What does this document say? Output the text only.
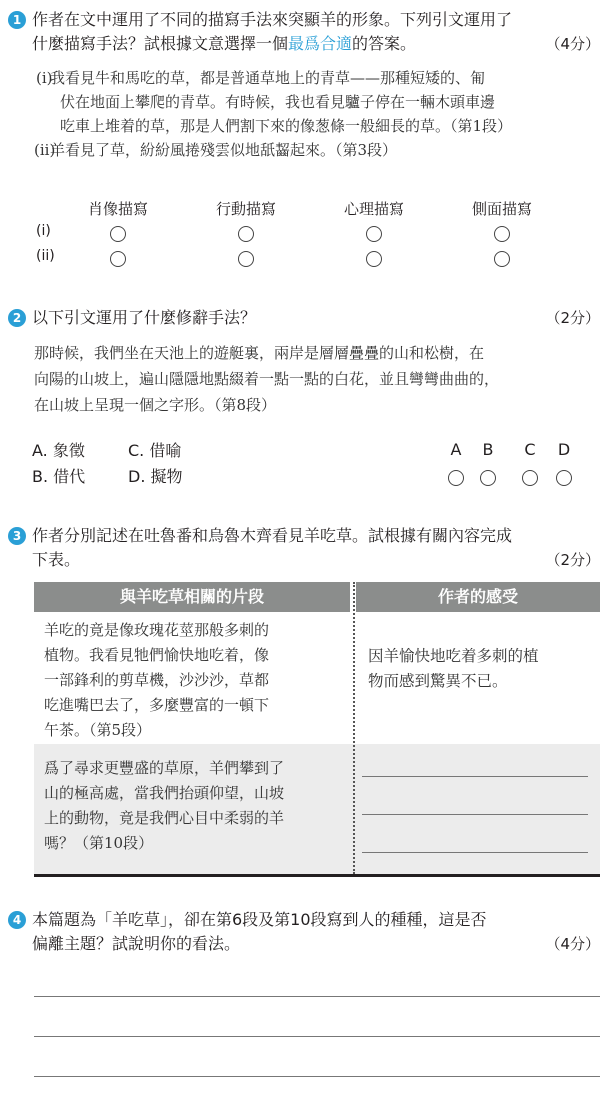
1 作者在文中運用了不同的描寫手法來突顯羊的形象。下列引文運用了
什麼描寫手法？試根據文意選擇一個最爲合適的答案。	（4分）
(i)
我看見牛和馬吃的草，都是普通草地上的青草——那種短矮的、匍
伏在地面上攀爬的青草。有時候，我也看見驢子停在一輛木頭車邊
吃車上堆着的草，那是人們割下來的像葱條一般細長的草。（第1段）
(ii)
羊看見了草，紛紛風捲殘雲似地舐齧起來。（第3段）
肖像描寫	行動描寫	心理描寫	側面描寫
(i)
(ii)
2 以下引文運用了什麼修辭手法？	（2分）
那時候，我們坐在天池上的遊艇裏，兩岸是層層疊疊的山和松樹，在
向陽的山坡上，遍山隱隱地點綴着一點一點的白花，並且彎彎曲曲的，
在山坡上呈現一個之字形。（第8段）
A. 象徵	C. 借喻
B. 借代	D. 擬物
A B C D
3 作者分別記述在吐魯番和烏魯木齊看見羊吃草。試根據有關內容完成
下表。	（2分）
與羊吃草相關的片段	作者的感受
羊吃的竟是像玫瑰花莖那般多刺的
植物。我看見牠們愉快地吃着，像
一部鋒利的剪草機，沙沙沙，草都
吃進嘴巴去了，多麼豐富的一頓下
午茶。（第5段）
因羊愉快地吃着多刺的植
物而感到驚異不已。
爲了尋求更豐盛的草原，羊們攀到了
山的極高處，當我們抬頭仰望，山坡
上的動物，竟是我們心目中柔弱的羊
嗎？（第10段）
4 本篇題為「羊吃草」，卻在第6段及第10段寫到人的種種，這是否
偏離主題？試說明你的看法。	（4分）
